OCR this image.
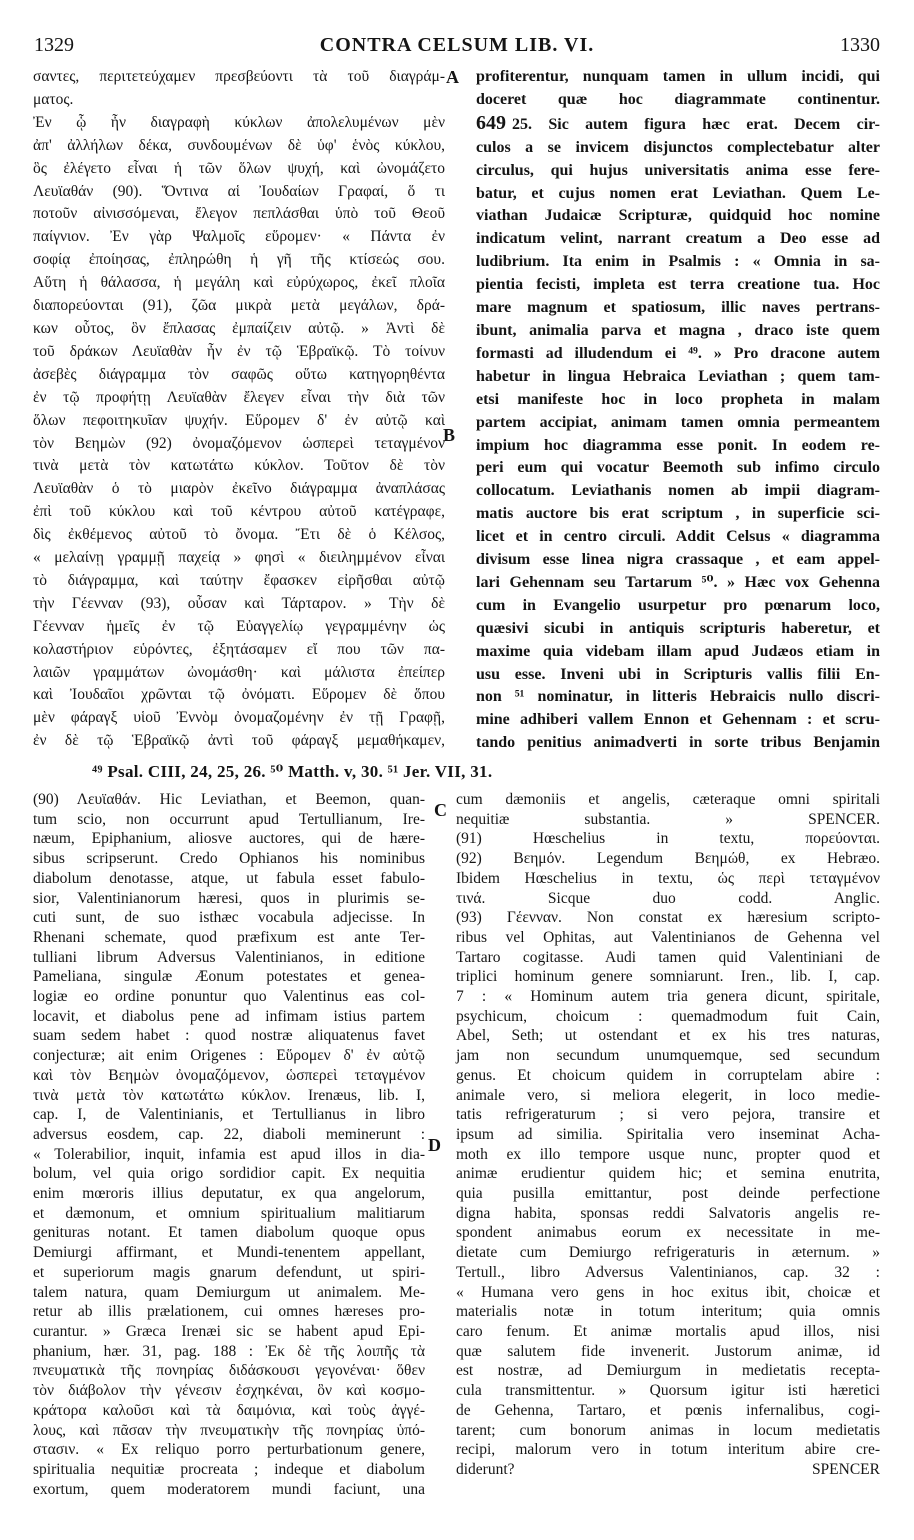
1329	CONTRA CELSUM LIB. VI.	1330
A
B
C
D

σαντες, περιτετεύχαμεν πρεσβεύοντι τὰ τοῦ διαγράμ-

ματος.

Ἐν ᾧ ἦν διαγραφὴ κύκλων ἀπολελυμένων μὲν

ἀπ' ἀλλήλων δέκα, συνδουμένων δὲ ὑφ' ἑνὸς κύκλου,

ὃς ἐλέγετο εἶναι ἡ τῶν ὅλων ψυχή, καὶ ὠνομάζετο

Λευϊαθάν (90). Ὅντινα αἱ Ἰουδαίων Γραφαί, ὅ τι

ποτοῦν αἰνισσόμεναι, ἔλεγον πεπλάσθαι ὑπὸ τοῦ Θεοῦ

παίγνιον. Ἐν γὰρ Ψαλμοῖς εὕρομεν· « Πάντα ἐν

σοφίᾳ ἐποίησας, ἐπληρώθη ἡ γῆ τῆς κτίσεώς σου.

Αὕτη ἡ θάλασσα, ἡ μεγάλη καὶ εὐρύχωρος, ἐκεῖ πλοῖα

διαπορεύονται (91), ζῶα μικρὰ μετὰ μεγάλων, δρά-

κων οὗτος, ὃν ἔπλασας ἐμπαίζειν αὐτῷ. » Ἀντὶ δὲ

τοῦ δράκων Λευϊαθὰν ἦν ἐν τῷ Ἑβραϊκῷ. Τὸ τοίνυν

ἀσεβὲς διάγραμμα τὸν σαφῶς οὕτω κατηγορηθέντα

ἐν τῷ προφήτῃ Λευϊαθὰν ἔλεγεν εἶναι τὴν διὰ τῶν

ὅλων πεφοιτηκυῖαν ψυχήν. Εὕρομεν δ' ἐν αὐτῷ καὶ

τὸν Βεημὼν (92) ὀνομαζόμενον ὡσπερεὶ τεταγμένον

τινὰ μετὰ τὸν κατωτάτω κύκλον. Τοῦτον δὲ τὸν

Λευϊαθὰν ὁ τὸ μιαρὸν ἐκεῖνο διάγραμμα ἀναπλάσας

ἐπὶ τοῦ κύκλου καὶ τοῦ κέντρου αὐτοῦ κατέγραφε,

δὶς ἐκθέμενος αὐτοῦ τὸ ὄνομα. Ἔτι δὲ ὁ Κέλσος,

« μελαίνῃ γραμμῇ παχείᾳ » φησὶ « διειλημμένον εἶναι

τὸ διάγραμμα, καὶ ταύτην ἔφασκεν εἰρῆσθαι αὐτῷ

τὴν Γέενναν (93), οὖσαν καὶ Τάρταρον. » Τὴν δὲ

Γέενναν ἡμεῖς ἐν τῷ Εὐαγγελίῳ γεγραμμένην ὡς

κολαστήριον εὑρόντες, ἐξητάσαμεν εἴ που τῶν πα-

λαιῶν γραμμάτων ὠνομάσθη· καὶ μάλιστα ἐπείπερ

καὶ Ἰουδαῖοι χρῶνται τῷ ὀνόματι. Εὕρομεν δὲ ὅπου

μὲν φάραγξ υἱοῦ Ἐννὸμ ὀνομαζομένην ἐν τῇ Γραφῇ,

ἐν δὲ τῷ Ἑβραϊκῷ ἀντὶ τοῦ φάραγξ μεμαθήκαμεν,

profiterentur, nunquam tamen in ullum incidi, qui

doceret quæ hoc diagrammate continentur.

649 25. Sic autem figura hæc erat. Decem cir-

culos a se invicem disjunctos complectebatur alter

circulus, qui hujus universitatis anima esse fere-

batur, et cujus nomen erat Leviathan. Quem Le-

viathan Judaicæ Scripturæ, quidquid hoc nomine

indicatum velint, narrant creatum a Deo esse ad

ludibrium. Ita enim in Psalmis : « Omnia in sa-

pientia fecisti, impleta est terra creatione tua. Hoc

mare magnum et spatiosum, illic naves pertrans-

ibunt, animalia parva et magna , draco iste quem

formasti ad illudendum ei ⁴⁹. » Pro dracone autem

habetur in lingua Hebraica Leviathan ; quem tam-

etsi manifeste hoc in loco propheta in malam

partem accipiat, animam tamen omnia permeantem

impium hoc diagramma esse ponit. In eodem re-

peri eum qui vocatur Beemoth sub infimo circulo

collocatum. Leviathanis nomen ab impii diagram-

matis auctore bis erat scriptum , in superficie sci-

licet et in centro circuli. Addit Celsus « diagramma

divisum esse linea nigra crassaque , et eam appel-

lari Gehennam seu Tartarum ⁵⁰. » Hæc vox Gehenna

cum in Evangelio usurpetur pro pœnarum loco,

quæsivi sicubi in antiquis scripturis haberetur, et

maxime quia videbam illam apud Judæos etiam in

usu esse. Inveni ubi in Scripturis vallis filii En-

non ⁵¹ nominatur, in litteris Hebraicis nullo discri-

mine adhiberi vallem Ennon et Gehennam : et scru-

tando penitius animadverti in sorte tribus Benjamin

⁴⁹ Psal. CIII, 24, 25, 26. ⁵⁰ Matth. v, 30. ⁵¹ Jer. VII, 31.

(90) Λευϊαθάν. Hic Leviathan, et Beemon, quan-

tum scio, non occurrunt apud Tertullianum, Ire-

næum, Epiphanium, aliosve auctores, qui de hære-

sibus scripserunt. Credo Ophianos his nominibus

diabolum denotasse, atque, ut fabula esset fabulo-

sior, Valentinianorum hæresi, quos in plurimis se-

cuti sunt, de suo isthæc vocabula adjecisse. In

Rhenani schemate, quod præfixum est ante Ter-

tulliani librum Adversus Valentinianos, in editione

Pameliana, singulæ Æonum potestates et genea-

logiæ eo ordine ponuntur quo Valentinus eas col-

locavit, et diabolus pene ad infimam istius partem

suam sedem habet : quod nostræ aliquatenus favet

conjecturæ; ait enim Origenes : Εὕρομεν δ' ἐν αὐτῷ

καὶ τὸν Βεημὼν ὀνομαζόμενον, ὡσπερεὶ τεταγμένον

τινὰ μετὰ τὸν κατωτάτω κύκλον. Irenæus, lib. I,

cap. I, de Valentinianis, et Tertullianus in libro

adversus eosdem, cap. 22, diaboli meminerunt :

« Tolerabilior, inquit, infamia est apud illos in dia-

bolum, vel quia origo sordidior capit. Ex nequitia

enim mœroris illius deputatur, ex qua angelorum,

et dæmonum, et omnium spiritualium malitiarum

genituras notant. Et tamen diabolum quoque opus

Demiurgi affirmant, et Mundi-tenentem appellant,

et superiorum magis gnarum defendunt, ut spiri-

talem natura, quam Demiurgum ut animalem. Me-

retur ab illis prælationem, cui omnes hæreses pro-

curantur. » Græca Irenæi sic se habent apud Epi-

phanium, hær. 31, pag. 188 : Ἐκ δὲ τῆς λοιπῆς τὰ

πνευματικὰ τῆς πονηρίας διδάσκουσι γεγονέναι· ὅθεν

τὸν διάβολον τὴν γένεσιν ἐσχηκέναι, ὃν καὶ κοσμο-

κράτορα καλοῦσι καὶ τὰ δαιμόνια, καὶ τοὺς ἀγγέ-

λους, καὶ πᾶσαν τὴν πνευματικὴν τῆς πονηρίας ὑπό-

στασιν. « Ex reliquo porro perturbationum genere,

spiritualia nequitiæ procreata ; indeque et diabolum

exortum, quem moderatorem mundi faciunt, una

cum dæmoniis et angelis, cæteraque omni spiritali

nequitiæ substantia. » SPENCER.

(91) Hœschelius in textu, πορεύονται.

(92) Βεημόν. Legendum Βεημώθ, ex Hebræo.

Ibidem Hœschelius in textu, ὡς περὶ τεταγμένον

τινά. Sicque duo codd. Anglic.

(93) Γέενναν. Non constat ex hæresium scripto-

ribus vel Ophitas, aut Valentinianos de Gehenna vel

Tartaro cogitasse. Audi tamen quid Valentiniani de

triplici hominum genere somniarunt. Iren., lib. I, cap.

7 : « Hominum autem tria genera dicunt, spiritale,

psychicum, choicum : quemadmodum fuit Cain,

Abel, Seth; ut ostendant et ex his tres naturas,

jam non secundum unumquemque, sed secundum

genus. Et choicum quidem in corruptelam abire :

animale vero, si meliora elegerit, in loco medie-

tatis refrigeraturum ; si vero pejora, transire et

ipsum ad similia. Spiritalia vero inseminat Acha-

moth ex illo tempore usque nunc, propter quod et

animæ erudientur quidem hic; et semina enutrita,

quia pusilla emittantur, post deinde perfectione

digna habita, sponsas reddi Salvatoris angelis re-

spondent animabus eorum ex necessitate in me-

dietate cum Demiurgo refrigeraturis in æternum. »

Tertull., libro Adversus Valentinianos, cap. 32 :

« Humana vero gens in hoc exitus ibit, choicæ et

materialis notæ in totum interitum; quia omnis

caro fenum. Et animæ mortalis apud illos, nisi

quæ salutem fide invenerit. Justorum animæ, id

est nostræ, ad Demiurgum in medietatis recepta-

cula transmittentur. » Quorsum igitur isti hæretici

de Gehenna, Tartaro, et pœnis infernalibus, cogi-

tarent; cum bonorum animas in locum medietatis

recipi, malorum vero in totum interitum abire cre-

diderunt? SPENCER
